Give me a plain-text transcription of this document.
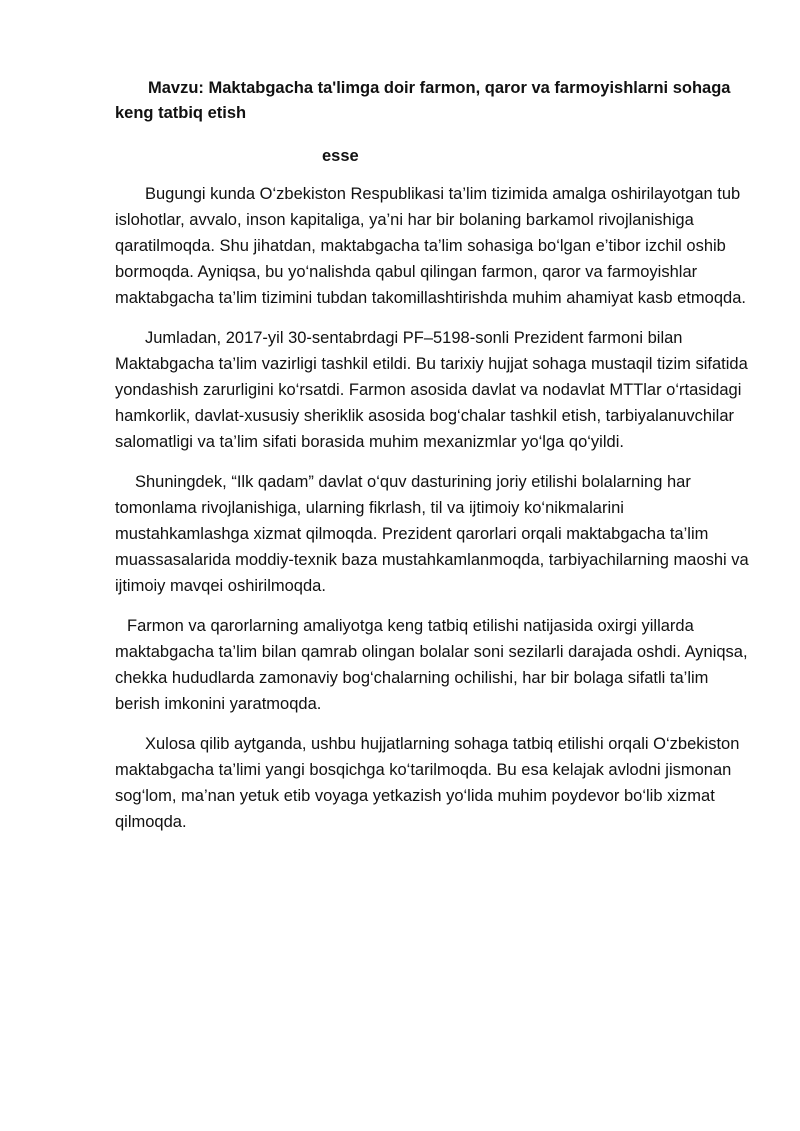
Mavzu: Maktabgacha ta'limga doir farmon, qaror va farmoyishlarni sohaga keng tatbiq etish

esse

Bugungi kunda O‘zbekiston Respublikasi ta’lim tizimida amalga oshirilayotgan tub islohotlar, avvalo, inson kapitaliga, ya’ni har bir bolaning barkamol rivojlanishiga qaratilmoqda. Shu jihatdan, maktabgacha ta’lim sohasiga bo‘lgan e’tibor izchil oshib bormoqda. Ayniqsa, bu yo‘nalishda qabul qilingan farmon, qaror va farmoyishlar maktabgacha ta’lim tizimini tubdan takomillashtirishda muhim ahamiyat kasb etmoqda.

Jumladan, 2017-yil 30-sentabrdagi PF–5198-sonli Prezident farmoni bilan Maktabgacha ta’lim vazirligi tashkil etildi. Bu tarixiy hujjat sohaga mustaqil tizim sifatida yondashish zarurligini ko‘rsatdi. Farmon asosida davlat va nodavlat MTTlar o‘rtasidagi hamkorlik, davlat-xususiy sheriklik asosida bog‘chalar tashkil etish, tarbiyalanuvchilar salomatligi va ta’lim sifati borasida muhim mexanizmlar yo‘lga qo‘yildi.

Shuningdek, “Ilk qadam” davlat o‘quv dasturining joriy etilishi bolalarning har tomonlama rivojlanishiga, ularning fikrlash, til va ijtimoiy ko‘nikmalarini mustahkamlashga xizmat qilmoqda. Prezident qarorlari orqali maktabgacha ta’lim muassasalarida moddiy-texnik baza mustahkamlanmoqda, tarbiyachilarning maoshi va ijtimoiy mavqei oshirilmoqda.

Farmon va qarorlarning amaliyotga keng tatbiq etilishi natijasida oxirgi yillarda maktabgacha ta’lim bilan qamrab olingan bolalar soni sezilarli darajada oshdi. Ayniqsa, chekka hududlarda zamonaviy bog‘chalarning ochilishi, har bir bolaga sifatli ta’lim berish imkonini yaratmoqda.

Xulosa qilib aytganda, ushbu hujjatlarning sohaga tatbiq etilishi orqali O‘zbekiston maktabgacha ta’limi yangi bosqichga ko‘tarilmoqda. Bu esa kelajak avlodni jismonan sog‘lom, ma’nan yetuk etib voyaga yetkazish yo‘lida muhim poydevor bo‘lib xizmat qilmoqda.
